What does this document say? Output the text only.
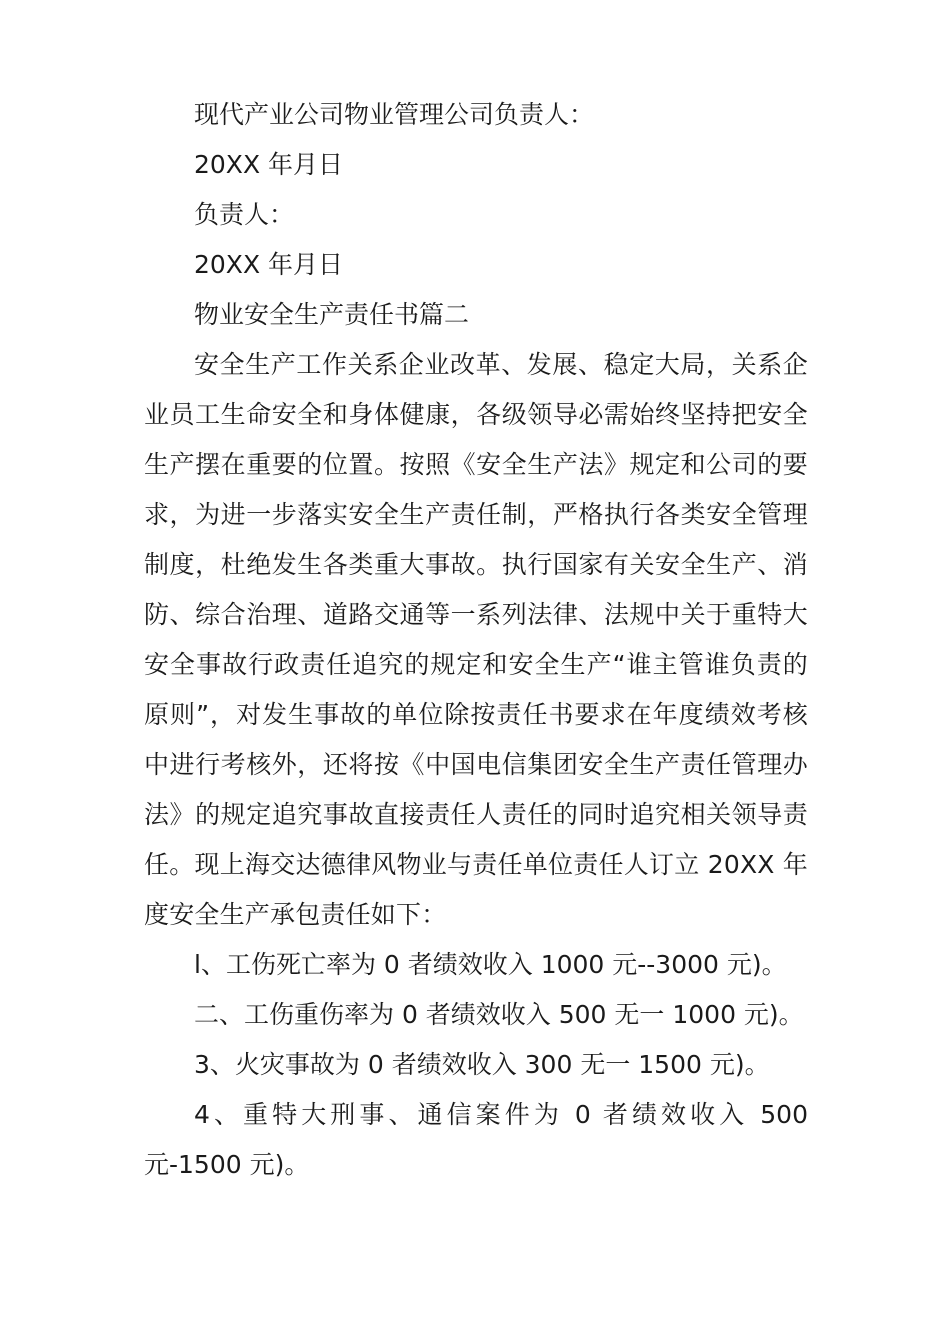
现代产业公司物业管理公司负责人：

20XX 年月日

负责人：

20XX 年月日

物业安全生产责任书篇二

安全生产工作关系企业改革、发展、稳定大局，关系企业员工生命安全和身体健康，各级领导必需始终坚持把安全生产摆在重要的位置。按照《安全生产法》规定和公司的要求，为进一步落实安全生产责任制，严格执行各类安全管理制度，杜绝发生各类重大事故。执行国家有关安全生产、消防、综合治理、道路交通等一系列法律、法规中关于重特大安全事故行政责任追究的规定和安全生产“谁主管谁负责的原则”，对发生事故的单位除按责任书要求在年度绩效考核中进行考核外，还将按《中国电信集团安全生产责任管理办法》的规定追究事故直接责任人责任的同时追究相关领导责任。现上海交达德律风物业与责任单位责任人订立 20XX 年度安全生产承包责任如下：

l、工伤死亡率为 0 者绩效收入 1000 元--3000 元)。

二、工伤重伤率为 0 者绩效收入 500 无一 1000 元)。

3、火灾事故为 0 者绩效收入 300 无一 1500 元)。

4、重特大刑事、通信案件为 0 者绩效收入 500 元-1500 元)。
